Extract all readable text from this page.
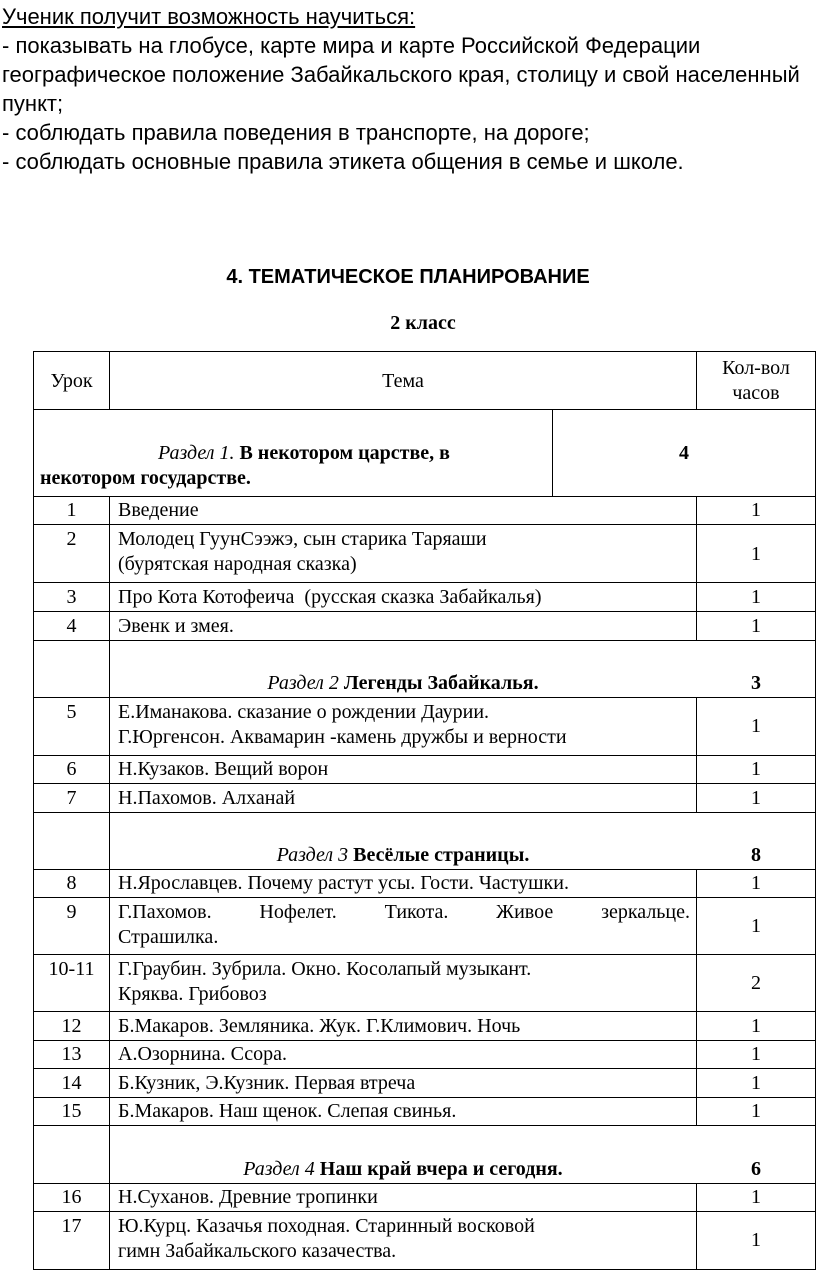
Ученик получит возможность научиться:
- показывать на глобусе, карте мира и карте Российской Федерации
географическое положение Забайкальского края, столицу и свой населенный
пункт;
- соблюдать правила поведения в транспорте, на дороге;
- соблюдать основные правила этикета общения в семье и школе.
4. ТЕМАТИЧЕСКОЕ ПЛАНИРОВАНИЕ
2 класс
Урок	Тема
Кол-вол
часов
Раздел 1. В некотором царстве, в
некотором государстве.
4
1	Введение	1
2	Молодец ГуунСээжэ, сын старика Таряаши
(бурятская народная сказка)	1
3	Про Кота Котофеича  (русская сказка Забайкалья)	1
4	Эвенк и змея.	1
Раздел 2 Легенды Забайкалья.	3
5	Е.Иманакова. сказание о рождении Даурии.
Г.Юргенсон. Аквамарин -камень дружбы и верности	1
6	Н.Кузаков. Вещий ворон	1
7	Н.Пахомов. Алханай	1
Раздел 3 Весёлые страницы.	8
8	Н.Ярославцев. Почему растут усы. Гости. Частушки.	1
9	Г.Пахомов. Нофелет. Тикота. Живое зеркальце.
Страшилка.	1
10-11	Г.Граубин. Зубрила. Окно. Косолапый музыкант.
Кряква. Грибовоз	2
12	Б.Макаров. Земляника. Жук. Г.Климович. Ночь	1
13	А.Озорнина. Ссора.	1
14	Б.Кузник, Э.Кузник. Первая втреча	1
15	Б.Макаров. Наш щенок. Слепая свинья.	1
Раздел 4 Наш край вчера и сегодня.	6
16	Н.Суханов. Древние тропинки	1
17	Ю.Курц. Казачья походная. Старинный восковой
гимн Забайкальского казачества.	1
